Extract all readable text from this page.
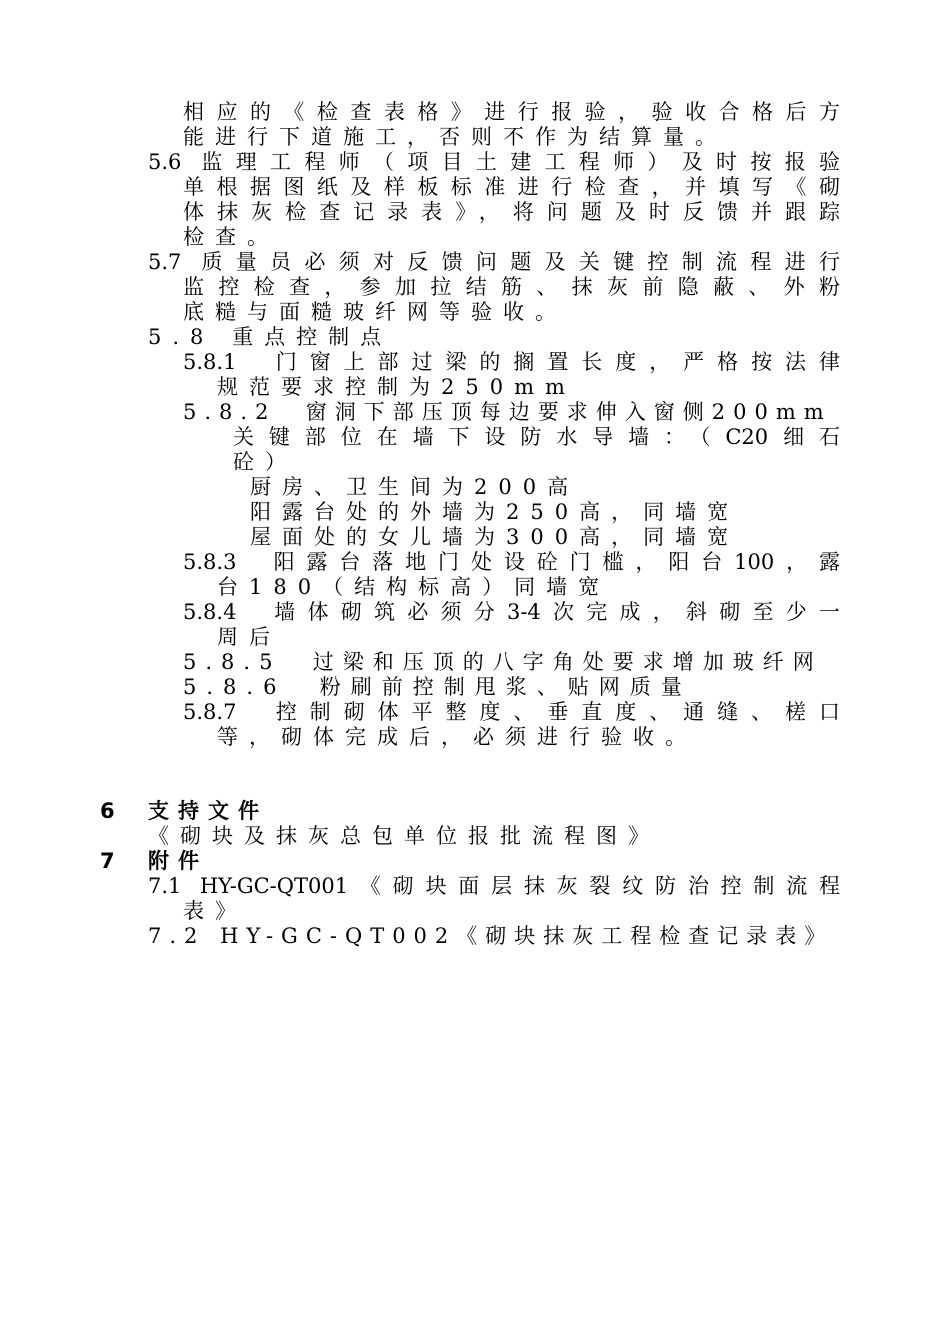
相应的《检查表格》进行报验，验收合格后方
能进行下道施工，否则不作为结算量。
5.6 监理工程师（项目土建工程师）及时按报验
单根据图纸及样板标准进行检查，并填写《砌
体抹灰检查记录表》，将问题及时反馈并跟踪
检查。
5.7 质量员必须对反馈问题及关键控制流程进行
监控检查，参加拉结筋、抹灰前隐蔽、外粉
底糙与面糙玻纤网等验收。
5.8 重点控制点
5.8.1  门窗上部过梁的搁置长度，严格按法律
规范要求控制为250mm
5.8.2  窗洞下部压顶每边要求伸入窗侧200mm
关键部位在墙下设防水导墙：（C20细石
砼）
厨房、卫生间为200高
阳露台处的外墙为250高，同墙宽
屋面处的女儿墙为300高，同墙宽
5.8.3  阳露台落地门处设砼门槛，阳台100，露
台180（结构标高）同墙宽
5.8.4  墙体砌筑必须分3-4次完成，斜砌至少一
周后
5.8.5  过梁和压顶的八字角处要求增加玻纤网
5.8.6  粉刷前控制甩浆、贴网质量
5.8.7  控制砌体平整度、垂直度、通缝、槎口
等，砌体完成后，必须进行验收。
6 支持文件
《砌块及抹灰总包单位报批流程图》
7 附件
7.1 HY-GC-QT001《砌块面层抹灰裂纹防治控制流程
表》
7.2 HY-GC-QT002《砌块抹灰工程检查记录表》
